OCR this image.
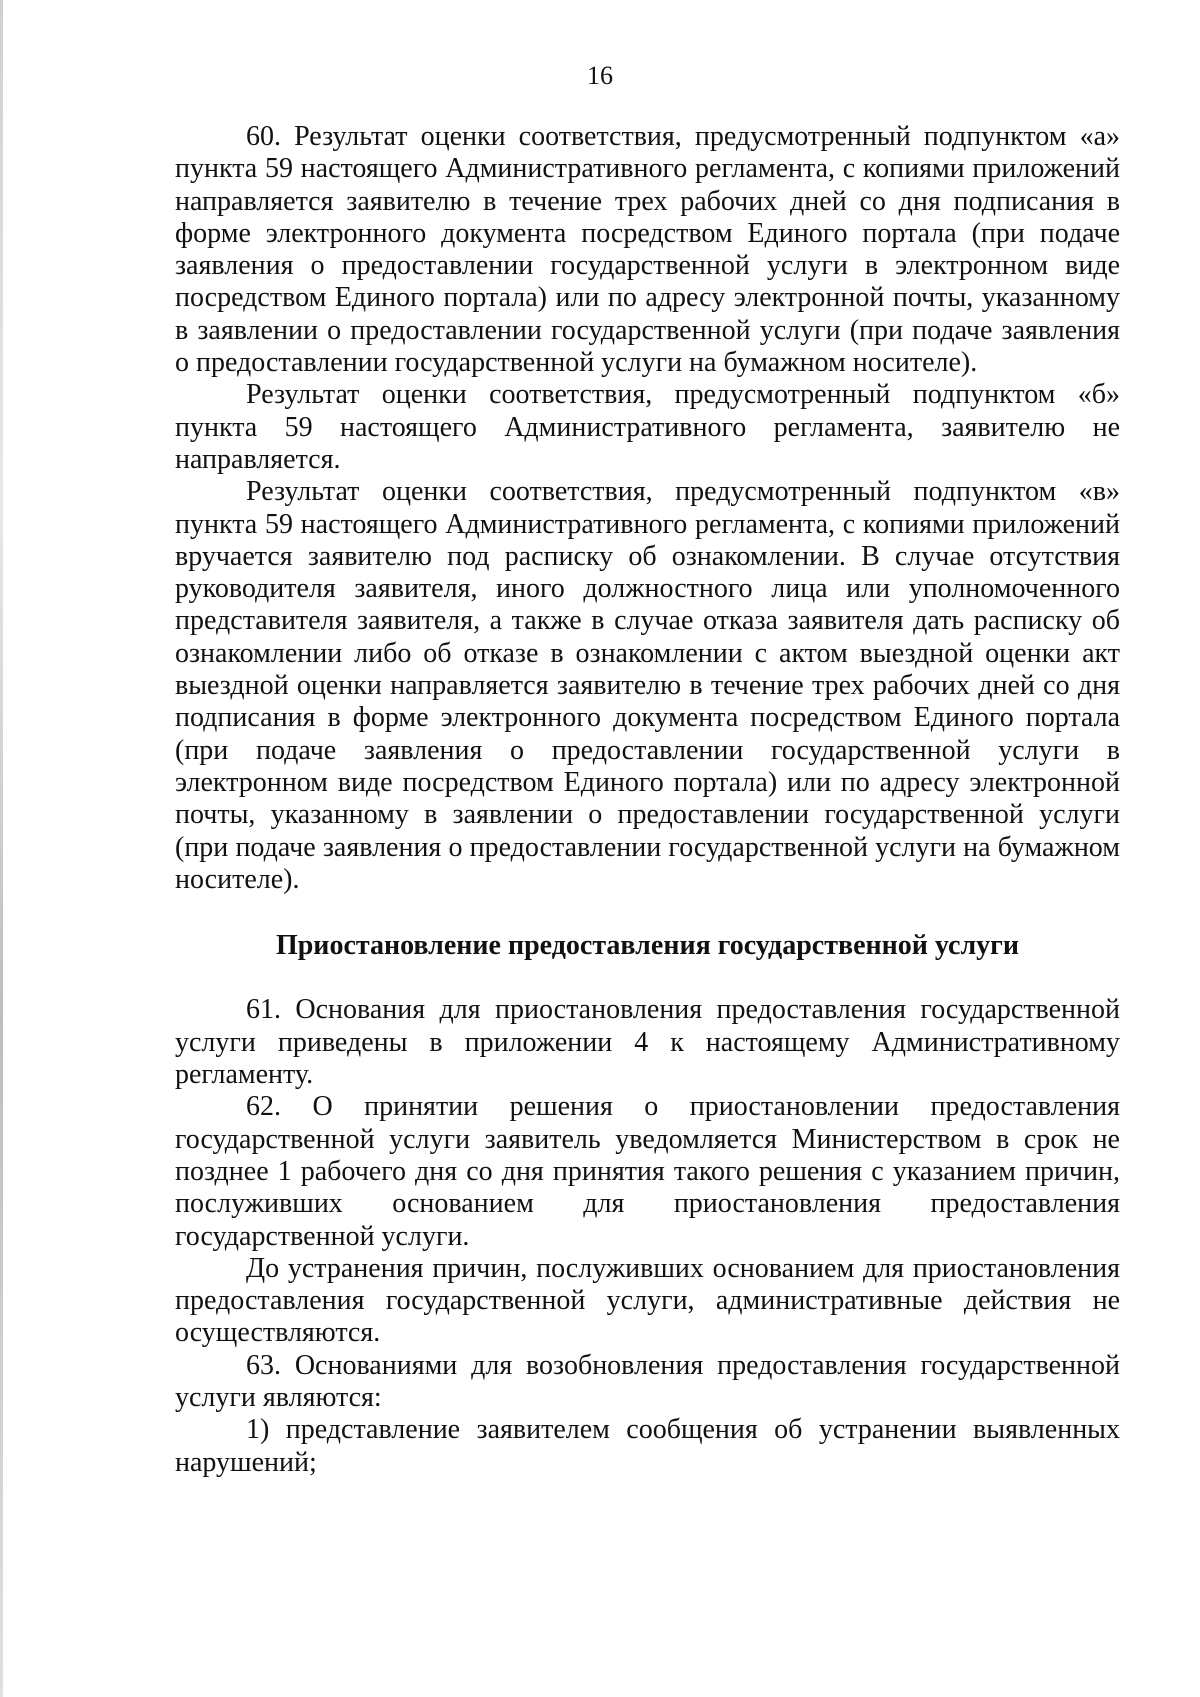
16

60. Результат оценки соответствия, предусмотренный подпунктом «а» пункта 59 настоящего Административного регламента, с копиями приложений направляется заявителю в течение трех рабочих дней со дня подписания в форме электронного документа посредством Единого портала (при подаче заявления о предоставлении государственной услуги в электронном виде посредством Единого портала) или по адресу электронной почты, указанному в заявлении о предоставлении государственной услуги (при подаче заявления о предоставлении государственной услуги на бумажном носителе).

Результат оценки соответствия, предусмотренный подпунктом «б» пункта 59 настоящего Административного регламента, заявителю не направляется.

Результат оценки соответствия, предусмотренный подпунктом «в» пункта 59 настоящего Административного регламента, с копиями приложений вручается заявителю под расписку об ознакомлении. В случае отсутствия руководителя заявителя, иного должностного лица или уполномоченного представителя заявителя, а также в случае отказа заявителя дать расписку об ознакомлении либо об отказе в ознакомлении с актом выездной оценки акт выездной оценки направляется заявителю в течение трех рабочих дней со дня подписания в форме электронного документа посредством Единого портала (при подаче заявления о предоставлении государственной услуги в электронном виде посредством Единого портала) или по адресу электронной почты, указанному в заявлении о предоставлении государственной услуги (при подаче заявления о предоставлении государственной услуги на бумажном носителе).

Приостановление предоставления государственной услуги

61. Основания для приостановления предоставления государственной услуги приведены в приложении 4 к настоящему Административному регламенту.

62. О принятии решения о приостановлении предоставления государственной услуги заявитель уведомляется Министерством в срок не позднее 1 рабочего дня со дня принятия такого решения с указанием причин, послуживших основанием для приостановления предоставления государственной услуги.

До устранения причин, послуживших основанием для приостановления предоставления государственной услуги, административные действия не осуществляются.

63. Основаниями для возобновления предоставления государственной услуги являются:

1) представление заявителем сообщения об устранении выявленных нарушений;
